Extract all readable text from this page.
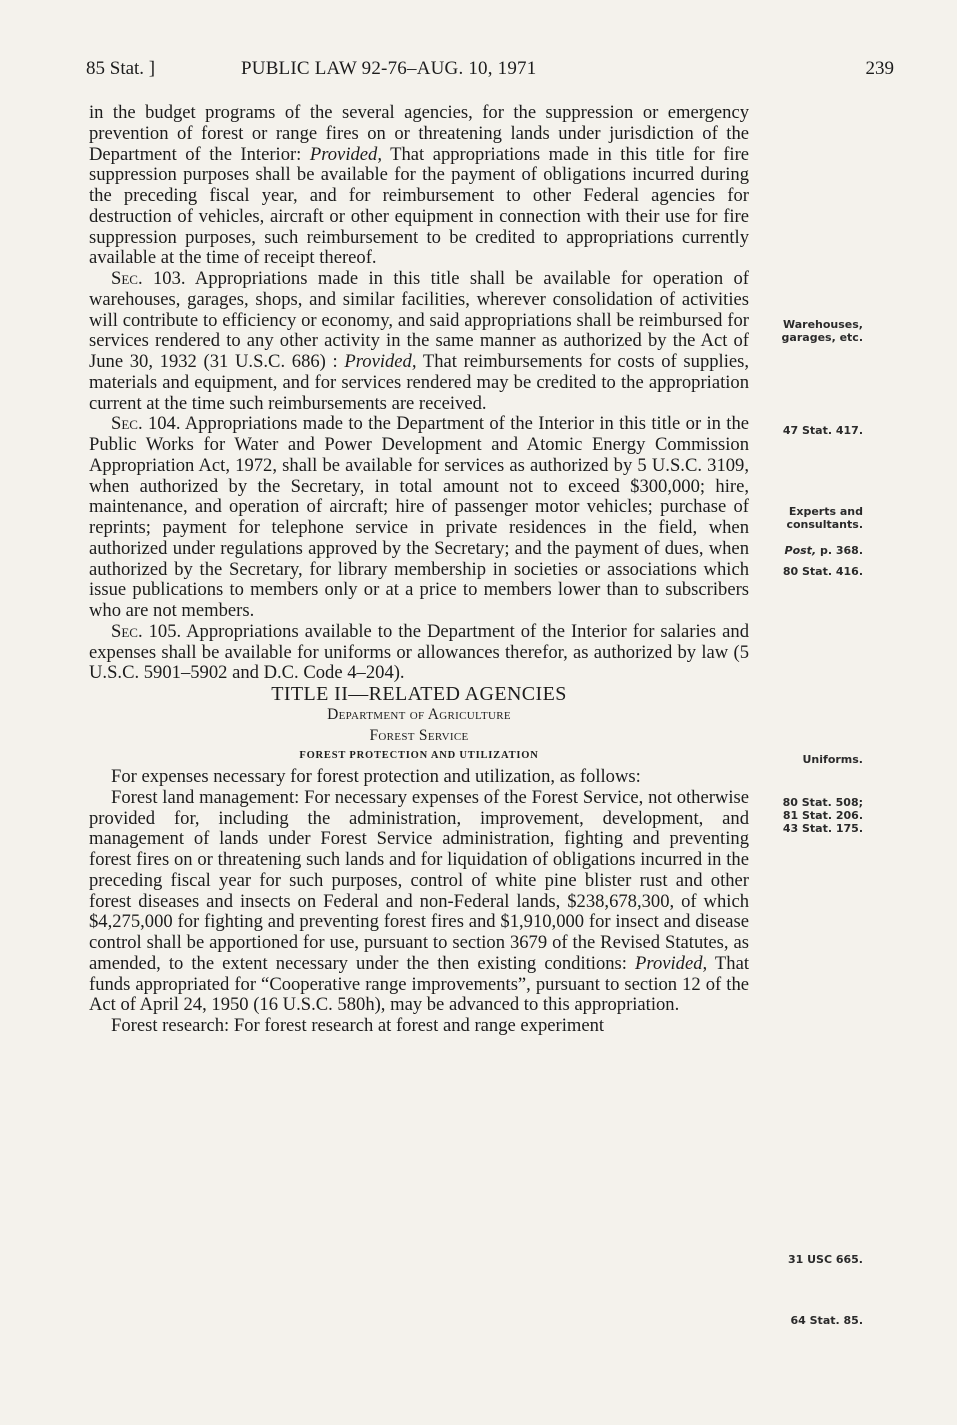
85 Stat. ]	PUBLIC LAW 92-76–AUG. 10, 1971	239

in the budget programs of the several agencies, for the suppression or emergency prevention of forest or range fires on or threatening lands under jurisdiction of the Department of the Interior: Provided, That appropriations made in this title for fire suppression purposes shall be available for the payment of obligations incurred during the preceding fiscal year, and for reimbursement to other Federal agencies for destruction of vehicles, aircraft or other equipment in connection with their use for fire suppression purposes, such reimbursement to be credited to appropriations currently available at the time of receipt thereof.

Sec. 103. Appropriations made in this title shall be available for operation of warehouses, garages, shops, and similar facilities, wherever consolidation of activities will contribute to efficiency or economy, and said appropriations shall be reimbursed for services rendered to any other activity in the same manner as authorized by the Act of June 30, 1932 (31 U.S.C. 686) : Provided, That reimbursements for costs of supplies, materials and equipment, and for services rendered may be credited to the appropriation current at the time such reimbursements are received.

Sec. 104. Appropriations made to the Department of the Interior in this title or in the Public Works for Water and Power Development and Atomic Energy Commission Appropriation Act, 1972, shall be available for services as authorized by 5 U.S.C. 3109, when authorized by the Secretary, in total amount not to exceed $300,000; hire, maintenance, and operation of aircraft; hire of passenger motor vehicles; purchase of reprints; payment for telephone service in private residences in the field, when authorized under regulations approved by the Secretary; and the payment of dues, when authorized by the Secretary, for library membership in societies or associations which issue publications to members only or at a price to members lower than to subscribers who are not members.

Sec. 105. Appropriations available to the Department of the Interior for salaries and expenses shall be available for uniforms or allowances therefor, as authorized by law (5 U.S.C. 5901–5902 and D.C. Code 4–204).

TITLE II—RELATED AGENCIES

Department of Agriculture

Forest Service

FOREST PROTECTION AND UTILIZATION

For expenses necessary for forest protection and utilization, as follows:

Forest land management: For necessary expenses of the Forest Service, not otherwise provided for, including the administration, improvement, development, and management of lands under Forest Service administration, fighting and preventing forest fires on or threatening such lands and for liquidation of obligations incurred in the preceding fiscal year for such purposes, control of white pine blister rust and other forest diseases and insects on Federal and non-Federal lands, $238,678,300, of which $4,275,000 for fighting and preventing forest fires and $1,910,000 for insect and disease control shall be apportioned for use, pursuant to section 3679 of the Revised Statutes, as amended, to the extent necessary under the then existing conditions: Provided, That funds appropriated for “Cooperative range improvements”, pursuant to section 12 of the Act of April 24, 1950 (16 U.S.C. 580h), may be advanced to this appropriation.

Forest research: For forest research at forest and range experiment

Warehouses,
garages, etc.
47 Stat. 417.
Experts and
consultants.
Post, p. 368.
80 Stat. 416.
Uniforms.
80 Stat. 508;
81 Stat. 206.
43 Stat. 175.
31 USC 665.
64 Stat. 85.
